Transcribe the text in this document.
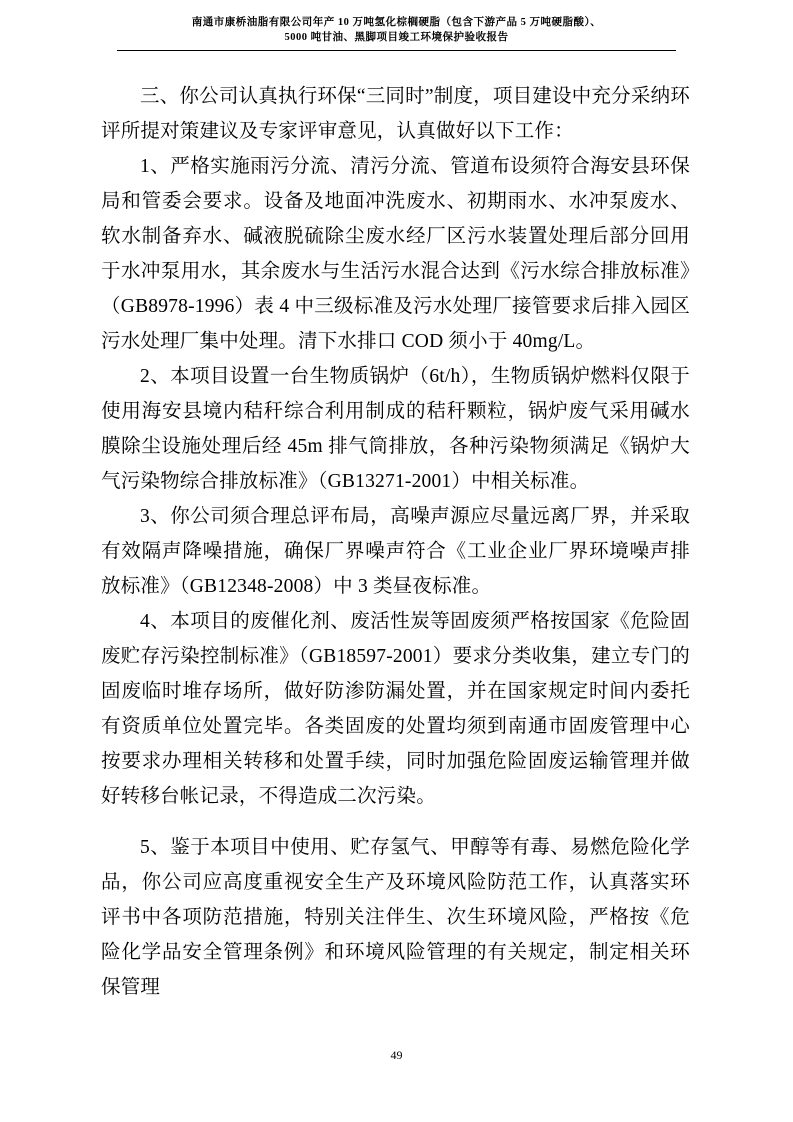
南通市康桥油脂有限公司年产 10 万吨氢化棕榈硬脂（包含下游产品 5 万吨硬脂酸）、
5000 吨甘油、黑脚项目竣工环境保护验收报告

三、你公司认真执行环保“三同时”制度，项目建设中充分采纳环评所提对策建议及专家评审意见，认真做好以下工作：

1、严格实施雨污分流、清污分流、管道布设须符合海安县环保局和管委会要求。设备及地面冲洗废水、初期雨水、水冲泵废水、软水制备弃水、碱液脱硫除尘废水经厂区污水装置处理后部分回用于水冲泵用水，其余废水与生活污水混合达到《污水综合排放标准》（GB8978-1996）表 4 中三级标准及污水处理厂接管要求后排入园区污水处理厂集中处理。清下水排口 COD 须小于 40mg/L。

2、本项目设置一台生物质锅炉（6t/h），生物质锅炉燃料仅限于使用海安县境内秸秆综合利用制成的秸秆颗粒，锅炉废气采用碱水膜除尘设施处理后经 45m 排气筒排放，各种污染物须满足《锅炉大气污染物综合排放标准》（GB13271-2001）中相关标准。

3、你公司须合理总评布局，高噪声源应尽量远离厂界，并采取有效隔声降噪措施，确保厂界噪声符合《工业企业厂界环境噪声排放标准》（GB12348-2008）中 3 类昼夜标准。

4、本项目的废催化剂、废活性炭等固废须严格按国家《危险固废贮存污染控制标准》（GB18597-2001）要求分类收集，建立专门的固废临时堆存场所，做好防渗防漏处置，并在国家规定时间内委托有资质单位处置完毕。各类固废的处置均须到南通市固废管理中心按要求办理相关转移和处置手续，同时加强危险固废运输管理并做好转移台帐记录，不得造成二次污染。

5、鉴于本项目中使用、贮存氢气、甲醇等有毒、易燃危险化学品，你公司应高度重视安全生产及环境风险防范工作，认真落实环评书中各项防范措施，特别关注伴生、次生环境风险，严格按《危险化学品安全管理条例》和环境风险管理的有关规定，制定相关环保管理

49
